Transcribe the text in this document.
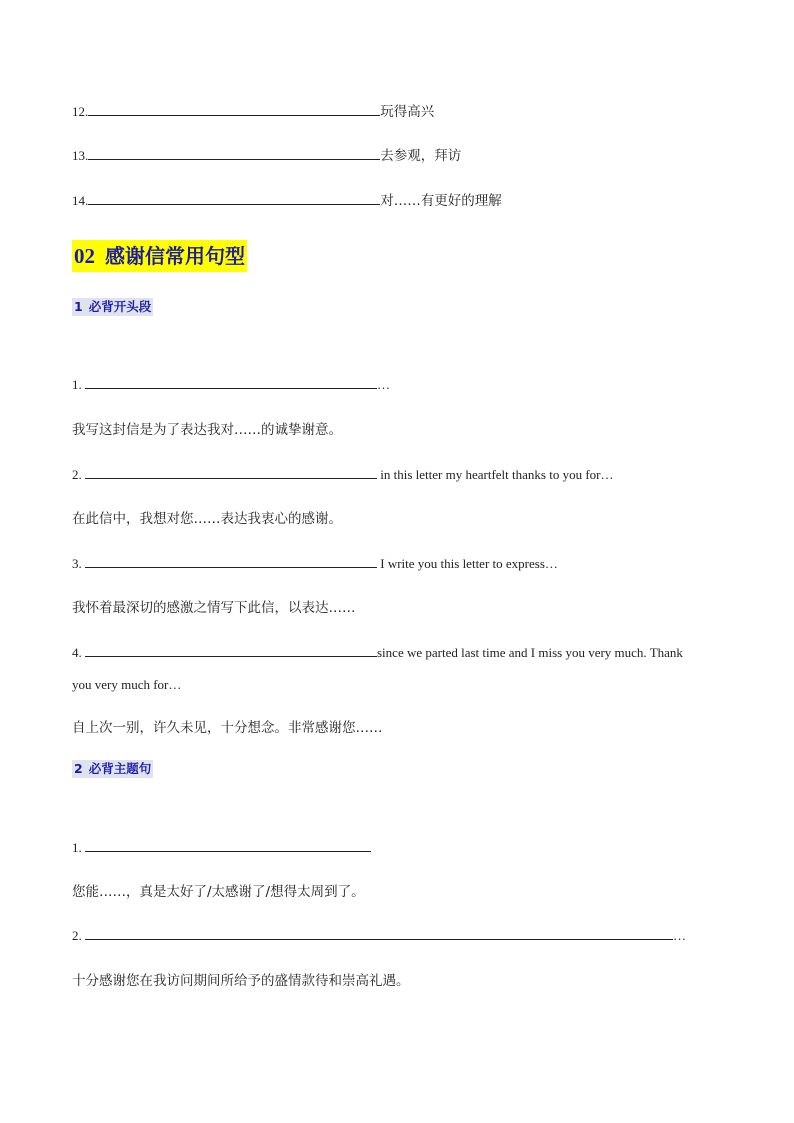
12.	玩得高兴
13.	去参观，拜访
14.	对……有更好的理解
02 感谢信常用句型
1 必背开头段
1.	…
我写这封信是为了表达我对……的诚挚谢意。
2.	in this letter my heartfelt thanks to you for…
在此信中，我想对您……表达我衷心的感谢。
3.	I write you this letter to express…
我怀着最深切的感激之情写下此信，以表达……
4.	since we parted last time and I miss you very much. Thank
you very much for…
自上次一别，许久未见，十分想念。非常感谢您……
2 必背主题句
1.
您能……，真是太好了/太感谢了/想得太周到了。
2.	…
十分感谢您在我访问期间所给予的盛情款待和崇高礼遇。
